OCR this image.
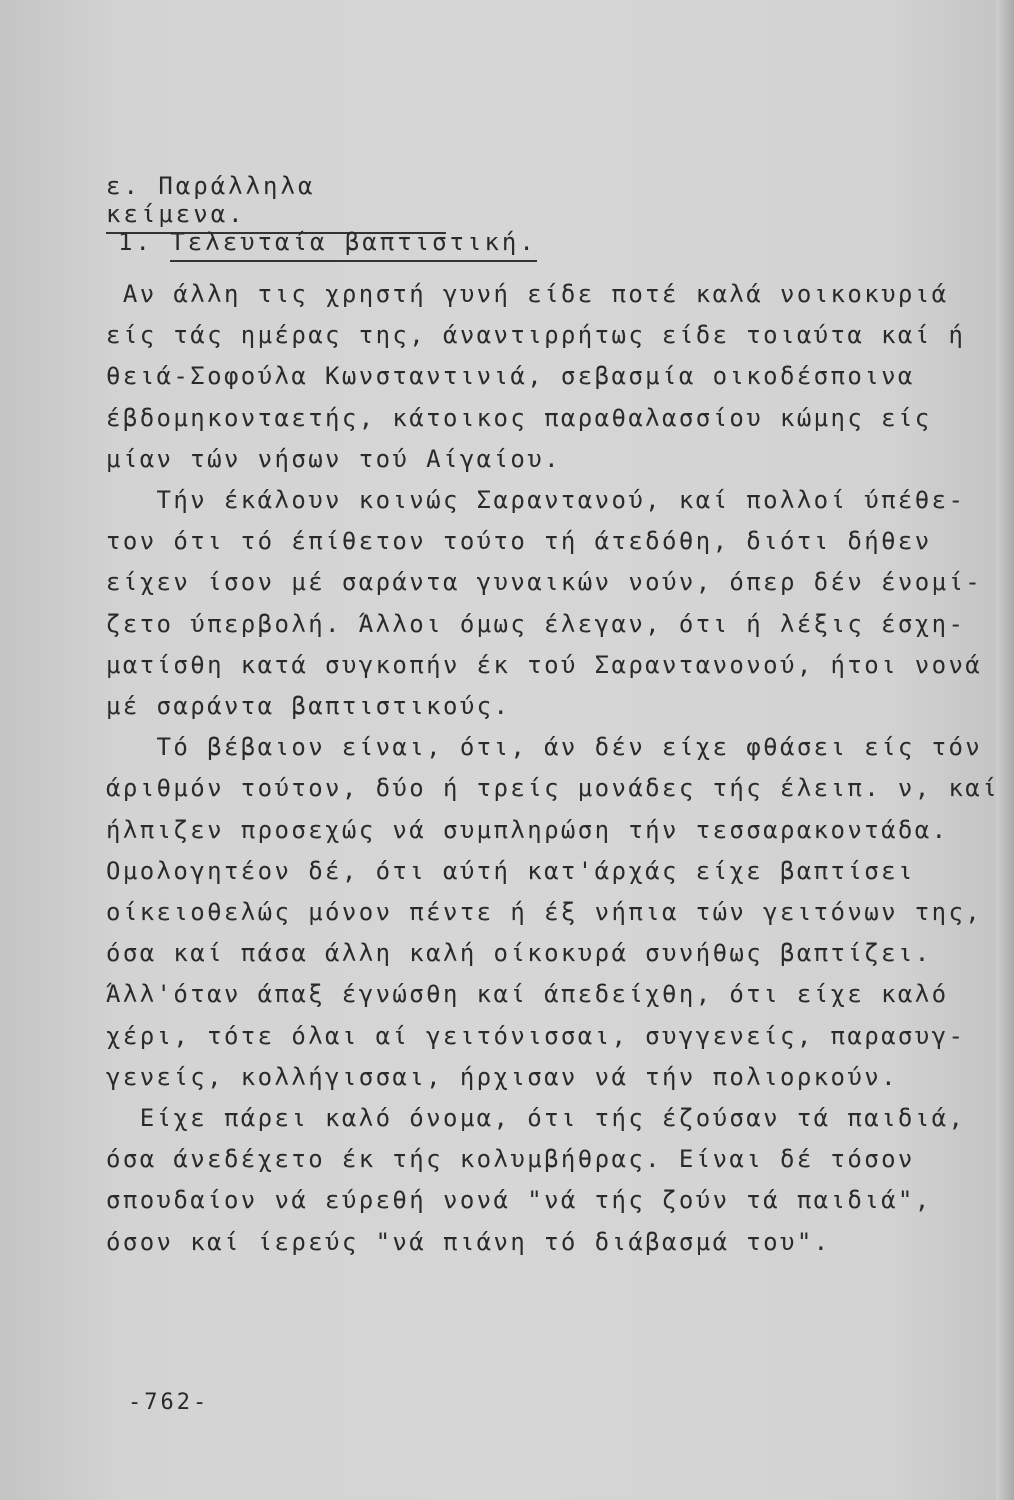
ε. Παράλληλα κείμενα.
1. Τελευταία βαπτιστική.
Αν άλλη τις χρηστή γυνή είδε ποτέ καλά νοικοκυριά
είς τάς ημέρας της, άναντιρρήτως είδε τοιαύτα καί ή
θειά-Σοφούλα Κωνσταντινιά, σεβασμία οικοδέσποινα
έβδομηκονταετής, κάτοικος παραθαλασσίου κώμης είς
μίαν τών νήσων τού Αίγαίου.
Τήν έκάλουν κοινώς Σαραντανού, καί πολλοί ύπέθε-
τον ότι τό έπίθετον τούτο τή άτεδόθη, διότι δήθεν
είχεν ίσον μέ σαράντα γυναικών νούν, όπερ δέν ένομί-
ζετο ύπερβολή. Άλλοι όμως έλεγαν, ότι ή λέξις έσχη-
ματίσθη κατά συγκοπήν έκ τού Σαραντανονού, ήτοι νονά
μέ σαράντα βαπτιστικούς.
Τό βέβαιον είναι, ότι, άν δέν είχε φθάσει είς τόν
άριθμόν τούτον, δύο ή τρείς μονάδες τής έλειπ. ν, καί
ήλπιζεν προσεχώς νά συμπληρώση τήν τεσσαρακοντάδα.
Ομολογητέον δέ, ότι αύτή κατ'άρχάς είχε βαπτίσει
οίκειοθελώς μόνον πέντε ή έξ νήπια τών γειτόνων της,
όσα καί πάσα άλλη καλή οίκοκυρά συνήθως βαπτίζει.
Άλλ'όταν άπαξ έγνώσθη καί άπεδείχθη, ότι είχε καλό
χέρι, τότε όλαι αί γειτόνισσαι, συγγενείς, παρασυγ-
γενείς, κολλήγισσαι, ήρχισαν νά τήν πολιορκούν.
Είχε πάρει καλό όνομα, ότι τής έζούσαν τά παιδιά,
όσα άνεδέχετο έκ τής κολυμβήθρας. Είναι δέ τόσον
σπουδαίον νά εύρεθή νονά "νά τής ζούν τά παιδιά",
όσον καί ίερεύς "νά πιάνη τό διάβασμά του".
-762-
